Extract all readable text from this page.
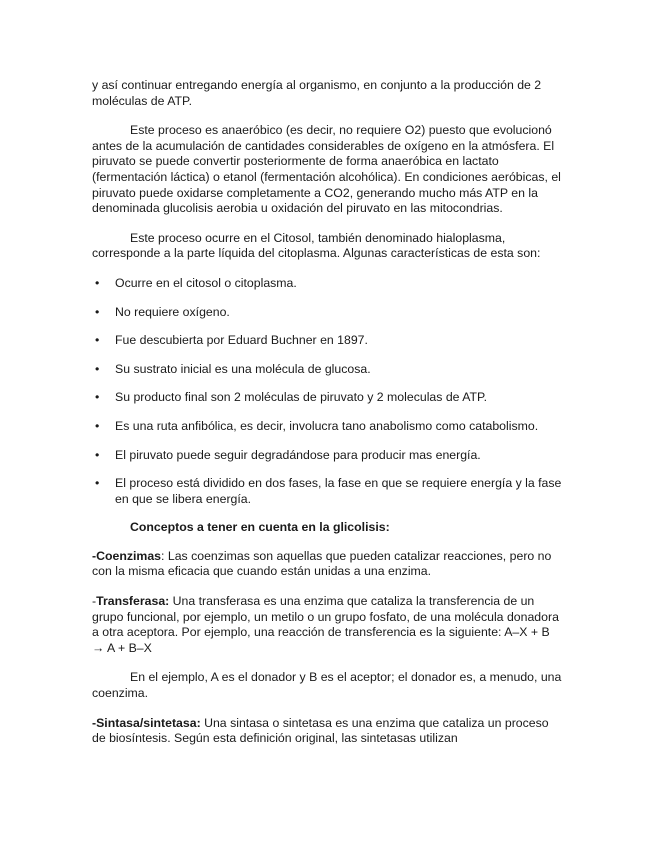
y así continuar entregando energía al organismo, en conjunto a la producción de 2 moléculas de ATP.

Este proceso es anaeróbico (es decir, no requiere O2) puesto que evolucionó antes de la acumulación de cantidades considerables de oxígeno en la atmósfera. El piruvato se puede convertir posteriormente de forma anaeróbica en lactato (fermentación láctica) o etanol (fermentación alcohólica). En condiciones aeróbicas, el piruvato puede oxidarse completamente a CO2, generando mucho más ATP en la denominada glucolisis aerobia u oxidación del piruvato en las mitocondrias.

Este proceso ocurre en el Citosol, también denominado hialoplasma, corresponde a la parte líquida del citoplasma. Algunas características de esta son:

• Ocurre en el citosol o citoplasma.
• No requiere oxígeno.
• Fue descubierta por Eduard Buchner en 1897.
• Su sustrato inicial es una molécula de glucosa.
• Su producto final son 2 moléculas de piruvato y 2 moleculas de ATP.
• Es una ruta anfibólica, es decir, involucra tano anabolismo como catabolismo.
• El piruvato puede seguir degradándose para producir mas energía.
• El proceso está dividido en dos fases, la fase en que se requiere energía y la fase en que se libera energía.
Conceptos a tener en cuenta en la glicolisis:

-Coenzimas: Las coenzimas son aquellas que pueden catalizar reacciones, pero no con la misma eficacia que cuando están unidas a una enzima.

-Transferasa: Una transferasa es una enzima que cataliza la transferencia de un grupo funcional, por ejemplo, un metilo o un grupo fosfato, de una molécula donadora a otra aceptora. Por ejemplo, una reacción de transferencia es la siguiente: A–X + B → A + B–X

En el ejemplo, A es el donador y B es el aceptor; el donador es, a menudo, una coenzima.

-Sintasa/sintetasa: Una sintasa o sintetasa es una enzima que cataliza un proceso de biosíntesis. Según esta definición original, las sintetasas utilizan
